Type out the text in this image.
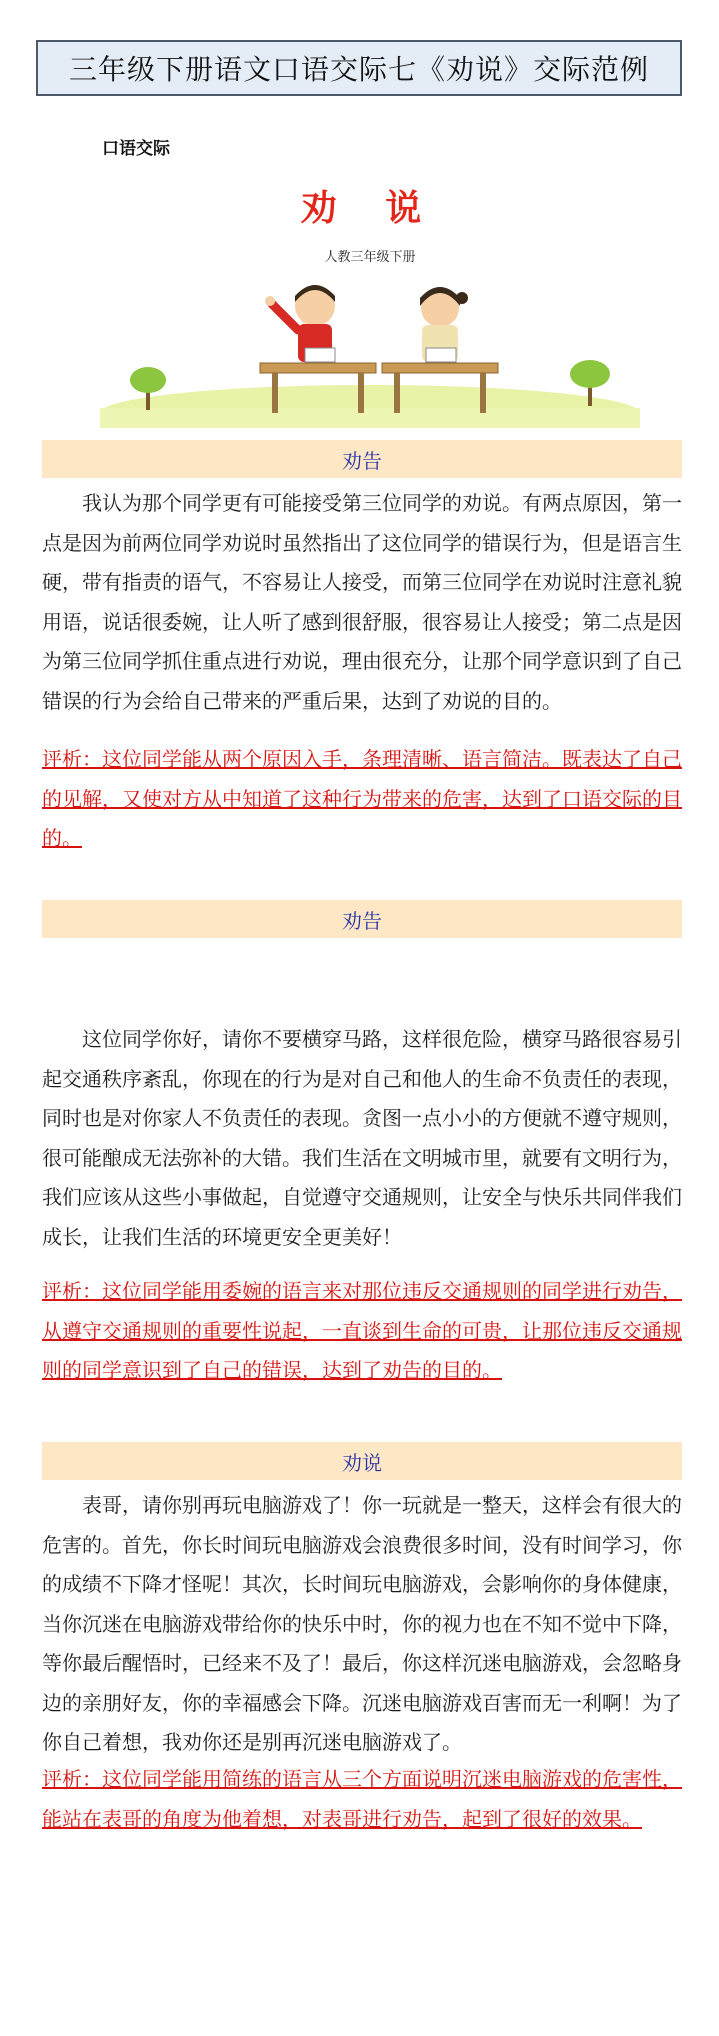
三年级下册语文口语交际七《劝说》交际范例
口语交际
劝 说
人教三年级下册
劝告

我认为那个同学更有可能接受第三位同学的劝说。有两点原因，第一点是因为前两位同学劝说时虽然指出了这位同学的错误行为，但是语言生硬，带有指责的语气，不容易让人接受，而第三位同学在劝说时注意礼貌用语，说话很委婉，让人听了感到很舒服，很容易让人接受；第二点是因为第三位同学抓住重点进行劝说，理由很充分，让那个同学意识到了自己错误的行为会给自己带来的严重后果，达到了劝说的目的。

评析：这位同学能从两个原因入手，条理清晰、语言简洁。既表达了自己的见解，又使对方从中知道了这种行为带来的危害，达到了口语交际的目的。

劝告

这位同学你好，请你不要横穿马路，这样很危险，横穿马路很容易引起交通秩序紊乱，你现在的行为是对自己和他人的生命不负责任的表现，同时也是对你家人不负责任的表现。贪图一点小小的方便就不遵守规则，很可能酿成无法弥补的大错。我们生活在文明城市里，就要有文明行为，我们应该从这些小事做起，自觉遵守交通规则，让安全与快乐共同伴我们成长，让我们生活的环境更安全更美好！

评析：这位同学能用委婉的语言来对那位违反交通规则的同学进行劝告，从遵守交通规则的重要性说起，一直谈到生命的可贵，让那位违反交通规则的同学意识到了自己的错误，达到了劝告的目的。

劝说

表哥，请你别再玩电脑游戏了！你一玩就是一整天，这样会有很大的危害的。首先，你长时间玩电脑游戏会浪费很多时间，没有时间学习，你的成绩不下降才怪呢！其次，长时间玩电脑游戏，会影响你的身体健康，当你沉迷在电脑游戏带给你的快乐中时，你的视力也在不知不觉中下降，等你最后醒悟时，已经来不及了！最后，你这样沉迷电脑游戏，会忽略身边的亲朋好友，你的幸福感会下降。沉迷电脑游戏百害而无一利啊！为了你自己着想，我劝你还是别再沉迷电脑游戏了。

评析：这位同学能用简练的语言从三个方面说明沉迷电脑游戏的危害性，能站在表哥的角度为他着想，对表哥进行劝告，起到了很好的效果。
